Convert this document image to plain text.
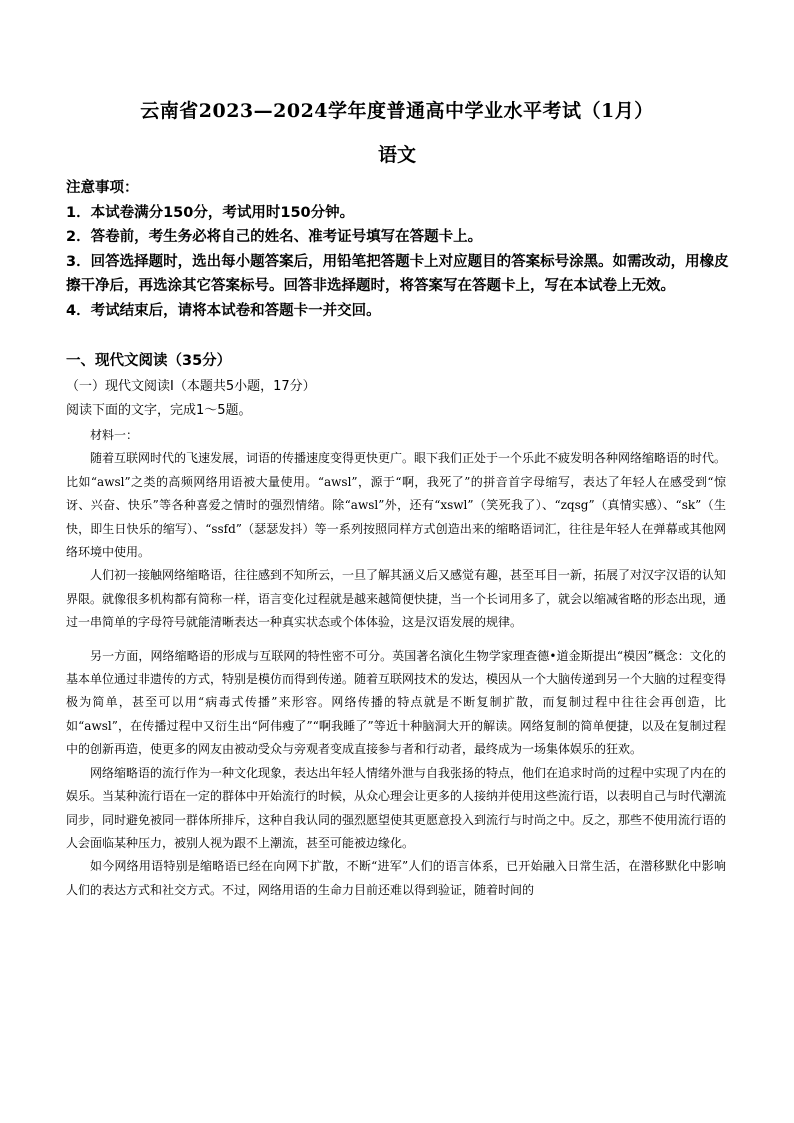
云南省2023—2024学年度普通高中学业水平考试（1月）
语文

注意事项：

1．本试卷满分150分，考试用时150分钟。

2．答卷前，考生务必将自己的姓名、准考证号填写在答题卡上。

3．回答选择题时，选出每小题答案后，用铅笔把答题卡上对应题目的答案标号涂黑。如需改动，用橡皮擦干净后，再选涂其它答案标号。回答非选择题时，将答案写在答题卡上，写在本试卷上无效。

4．考试结束后，请将本试卷和答题卡一并交回。

一、现代文阅读（35分）
（一）现代文阅读Ⅰ（本题共5小题，17分）
阅读下面的文字，完成1～5题。

材料一：

随着互联网时代的飞速发展，词语的传播速度变得更快更广。眼下我们正处于一个乐此不疲发明各种网络缩略语的时代。比如“awsl”之类的高频网络用语被大量使用。“awsl”，源于“啊，我死了”的拼音首字母缩写，表达了年轻人在感受到“惊讶、兴奋、快乐”等各种喜爱之情时的强烈情绪。除“awsl”外，还有“xswl”（笑死我了）、“zqsg”（真情实感）、“sk”（生快，即生日快乐的缩写）、“ssfd”（瑟瑟发抖）等一系列按照同样方式创造出来的缩略语词汇，往往是年轻人在弹幕或其他网络环境中使用。

人们初一接触网络缩略语，往往感到不知所云，一旦了解其涵义后又感觉有趣，甚至耳目一新，拓展了对汉字汉语的认知界限。就像很多机构都有简称一样，语言变化过程就是越来越简便快捷，当一个长词用多了，就会以缩减省略的形态出现，通过一串简单的字母符号就能清晰表达一种真实状态或个体体验，这是汉语发展的规律。

另一方面，网络缩略语的形成与互联网的特性密不可分。英国著名演化生物学家理查德•道金斯提出“模因”概念：文化的基本单位通过非遗传的方式，特别是模仿而得到传递。随着互联网技术的发达，模因从一个大脑传递到另一个大脑的过程变得极为简单，甚至可以用“病毒式传播”来形容。网络传播的特点就是不断复制扩散，而复制过程中往往会再创造，比如“awsl”，在传播过程中又衍生出“阿伟瘦了”“啊我睡了”等近十种脑洞大开的解读。网络复制的简单便捷，以及在复制过程中的创新再造，使更多的网友由被动受众与旁观者变成直接参与者和行动者，最终成为一场集体娱乐的狂欢。

网络缩略语的流行作为一种文化现象，表达出年轻人情绪外泄与自我张扬的特点，他们在追求时尚的过程中实现了内在的娱乐。当某种流行语在一定的群体中开始流行的时候，从众心理会让更多的人接纳并使用这些流行语，以表明自己与时代潮流同步，同时避免被同一群体所排斥，这种自我认同的强烈愿望使其更愿意投入到流行与时尚之中。反之，那些不使用流行语的人会面临某种压力，被别人视为跟不上潮流，甚至可能被边缘化。

如今网络用语特别是缩略语已经在向网下扩散，不断“进军”人们的语言体系，已开始融入日常生活，在潜移默化中影响人们的表达方式和社交方式。不过，网络用语的生命力目前还难以得到验证，随着时间的
